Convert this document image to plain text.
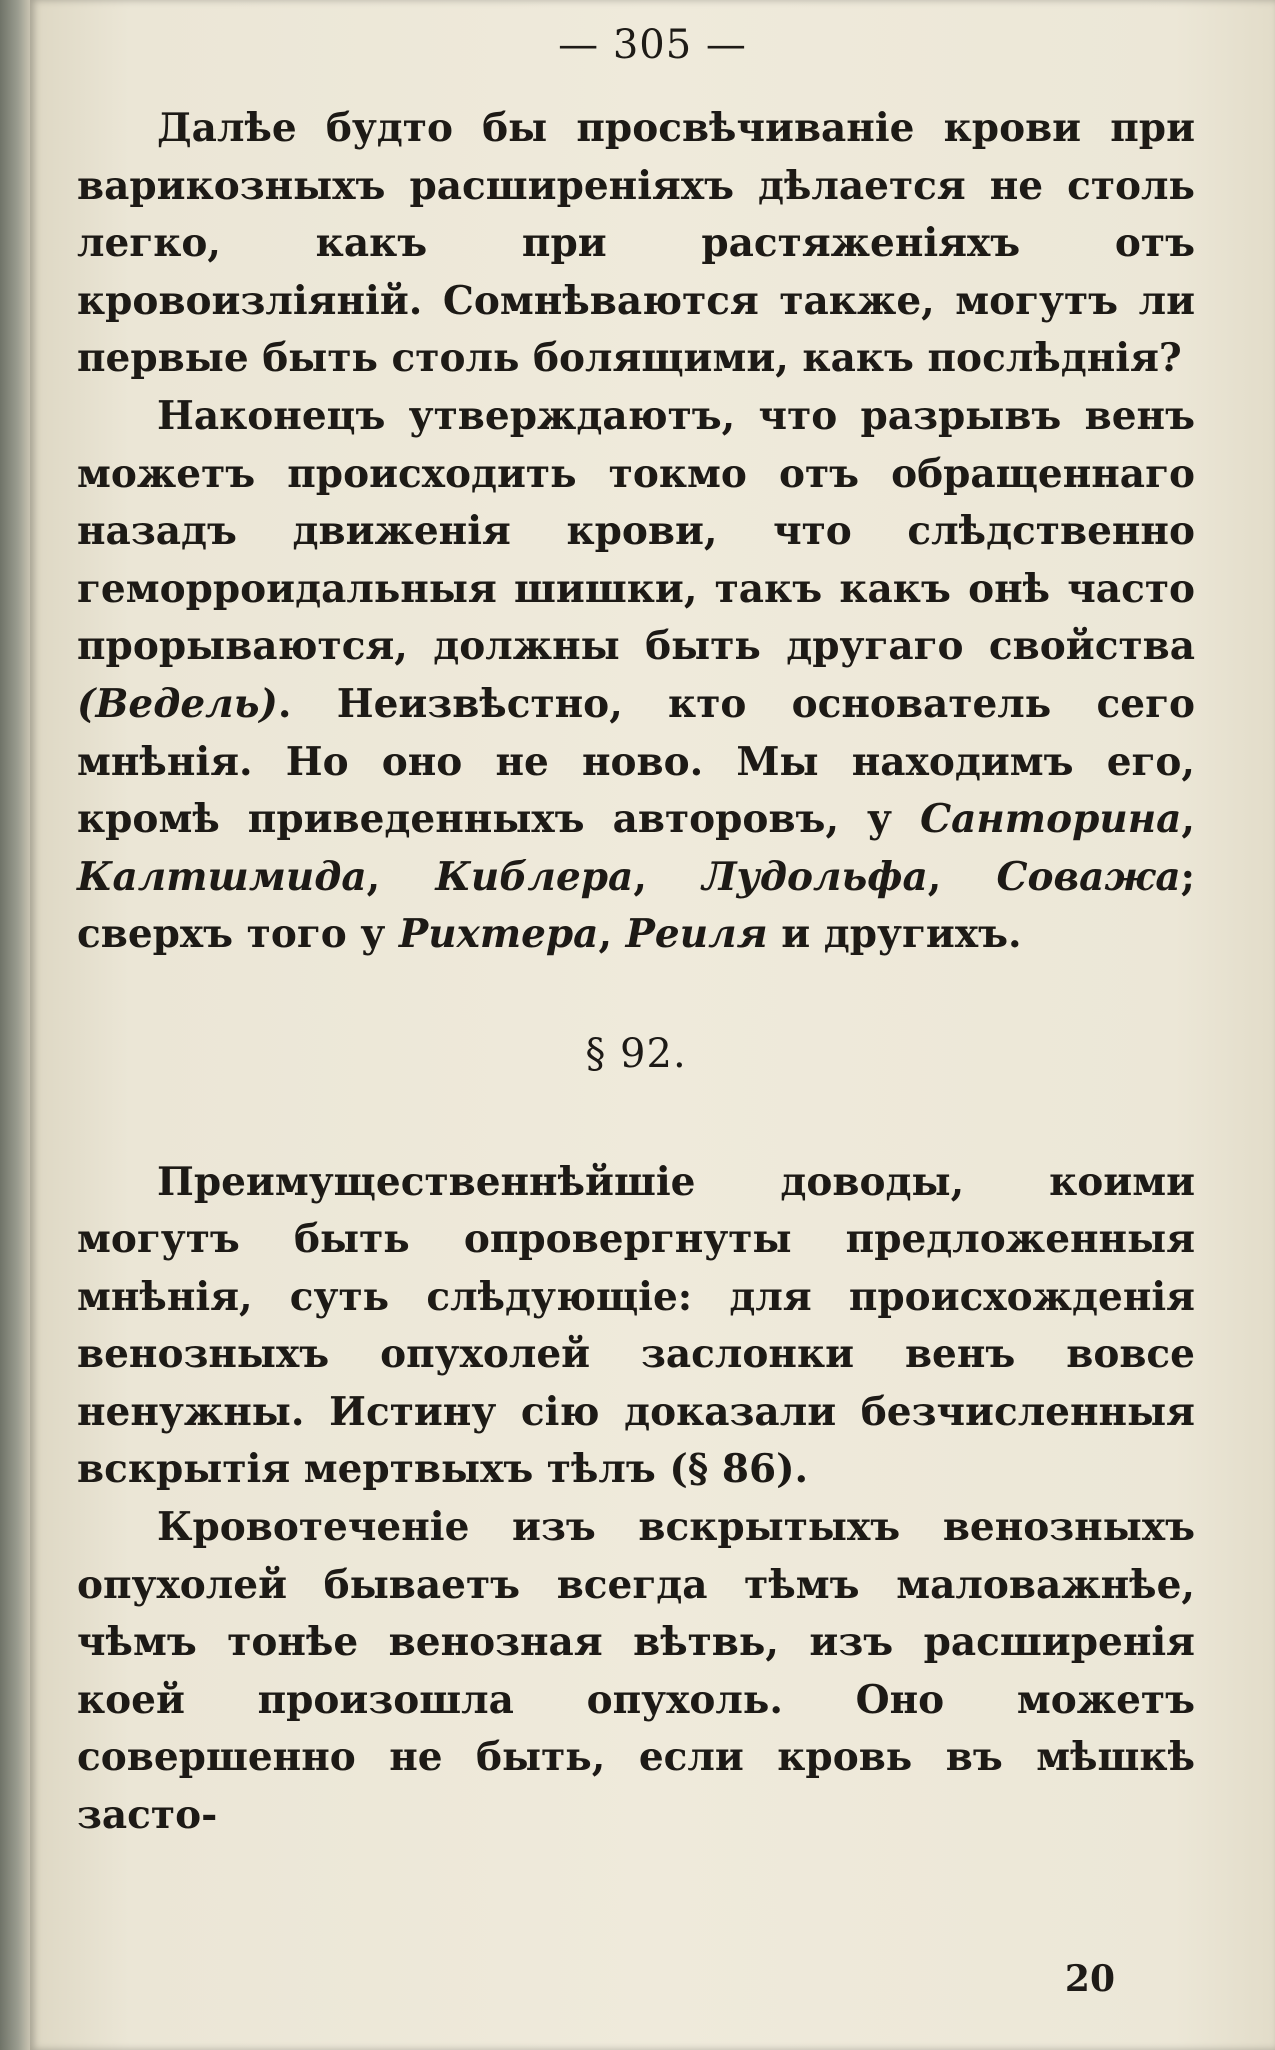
— 305 —

Далѣе будто бы просвѣчиванiе крови при варикозныхъ расширенiяхъ дѣлается не столь легко, какъ при растяженiяхъ отъ кровоизлiянiй. Сомнѣваются также, могутъ ли первые быть столь болящими, какъ послѣднiя?

Наконецъ утверждаютъ, что разрывъ венъ можетъ происходить токмо отъ обращеннаго назадъ движенiя крови, что слѣдственно геморроидальныя шишки, такъ какъ онѣ часто прорываются, должны быть другаго свойства (Ведель). Неизвѣстно, кто основатель сего мнѣнiя. Но оно не ново. Мы находимъ его, кромѣ приведенныхъ авторовъ, у Санторина, Калтшмида, Киблера, Лудольфа, Соважа; сверхъ того у Рихтера, Реиля и другихъ.

§ 92.

Преимущественнѣйшiе доводы, коими могутъ быть опровергнуты предложенныя мнѣнiя, суть слѣдующiе: для происхожденiя венозныхъ опухолей заслонки венъ вовсе ненужны. Истину сiю доказали безчисленныя вскрытiя мертвыхъ тѣлъ (§ 86).

Кровотеченiе изъ вскрытыхъ венозныхъ опухолей бываетъ всегда тѣмъ маловажнѣе, чѣмъ тонѣе венозная вѣтвь, изъ расширенiя коей произошла опухоль. Оно можетъ совершенно не быть, если кровь въ мѣшкѣ засто-

20
